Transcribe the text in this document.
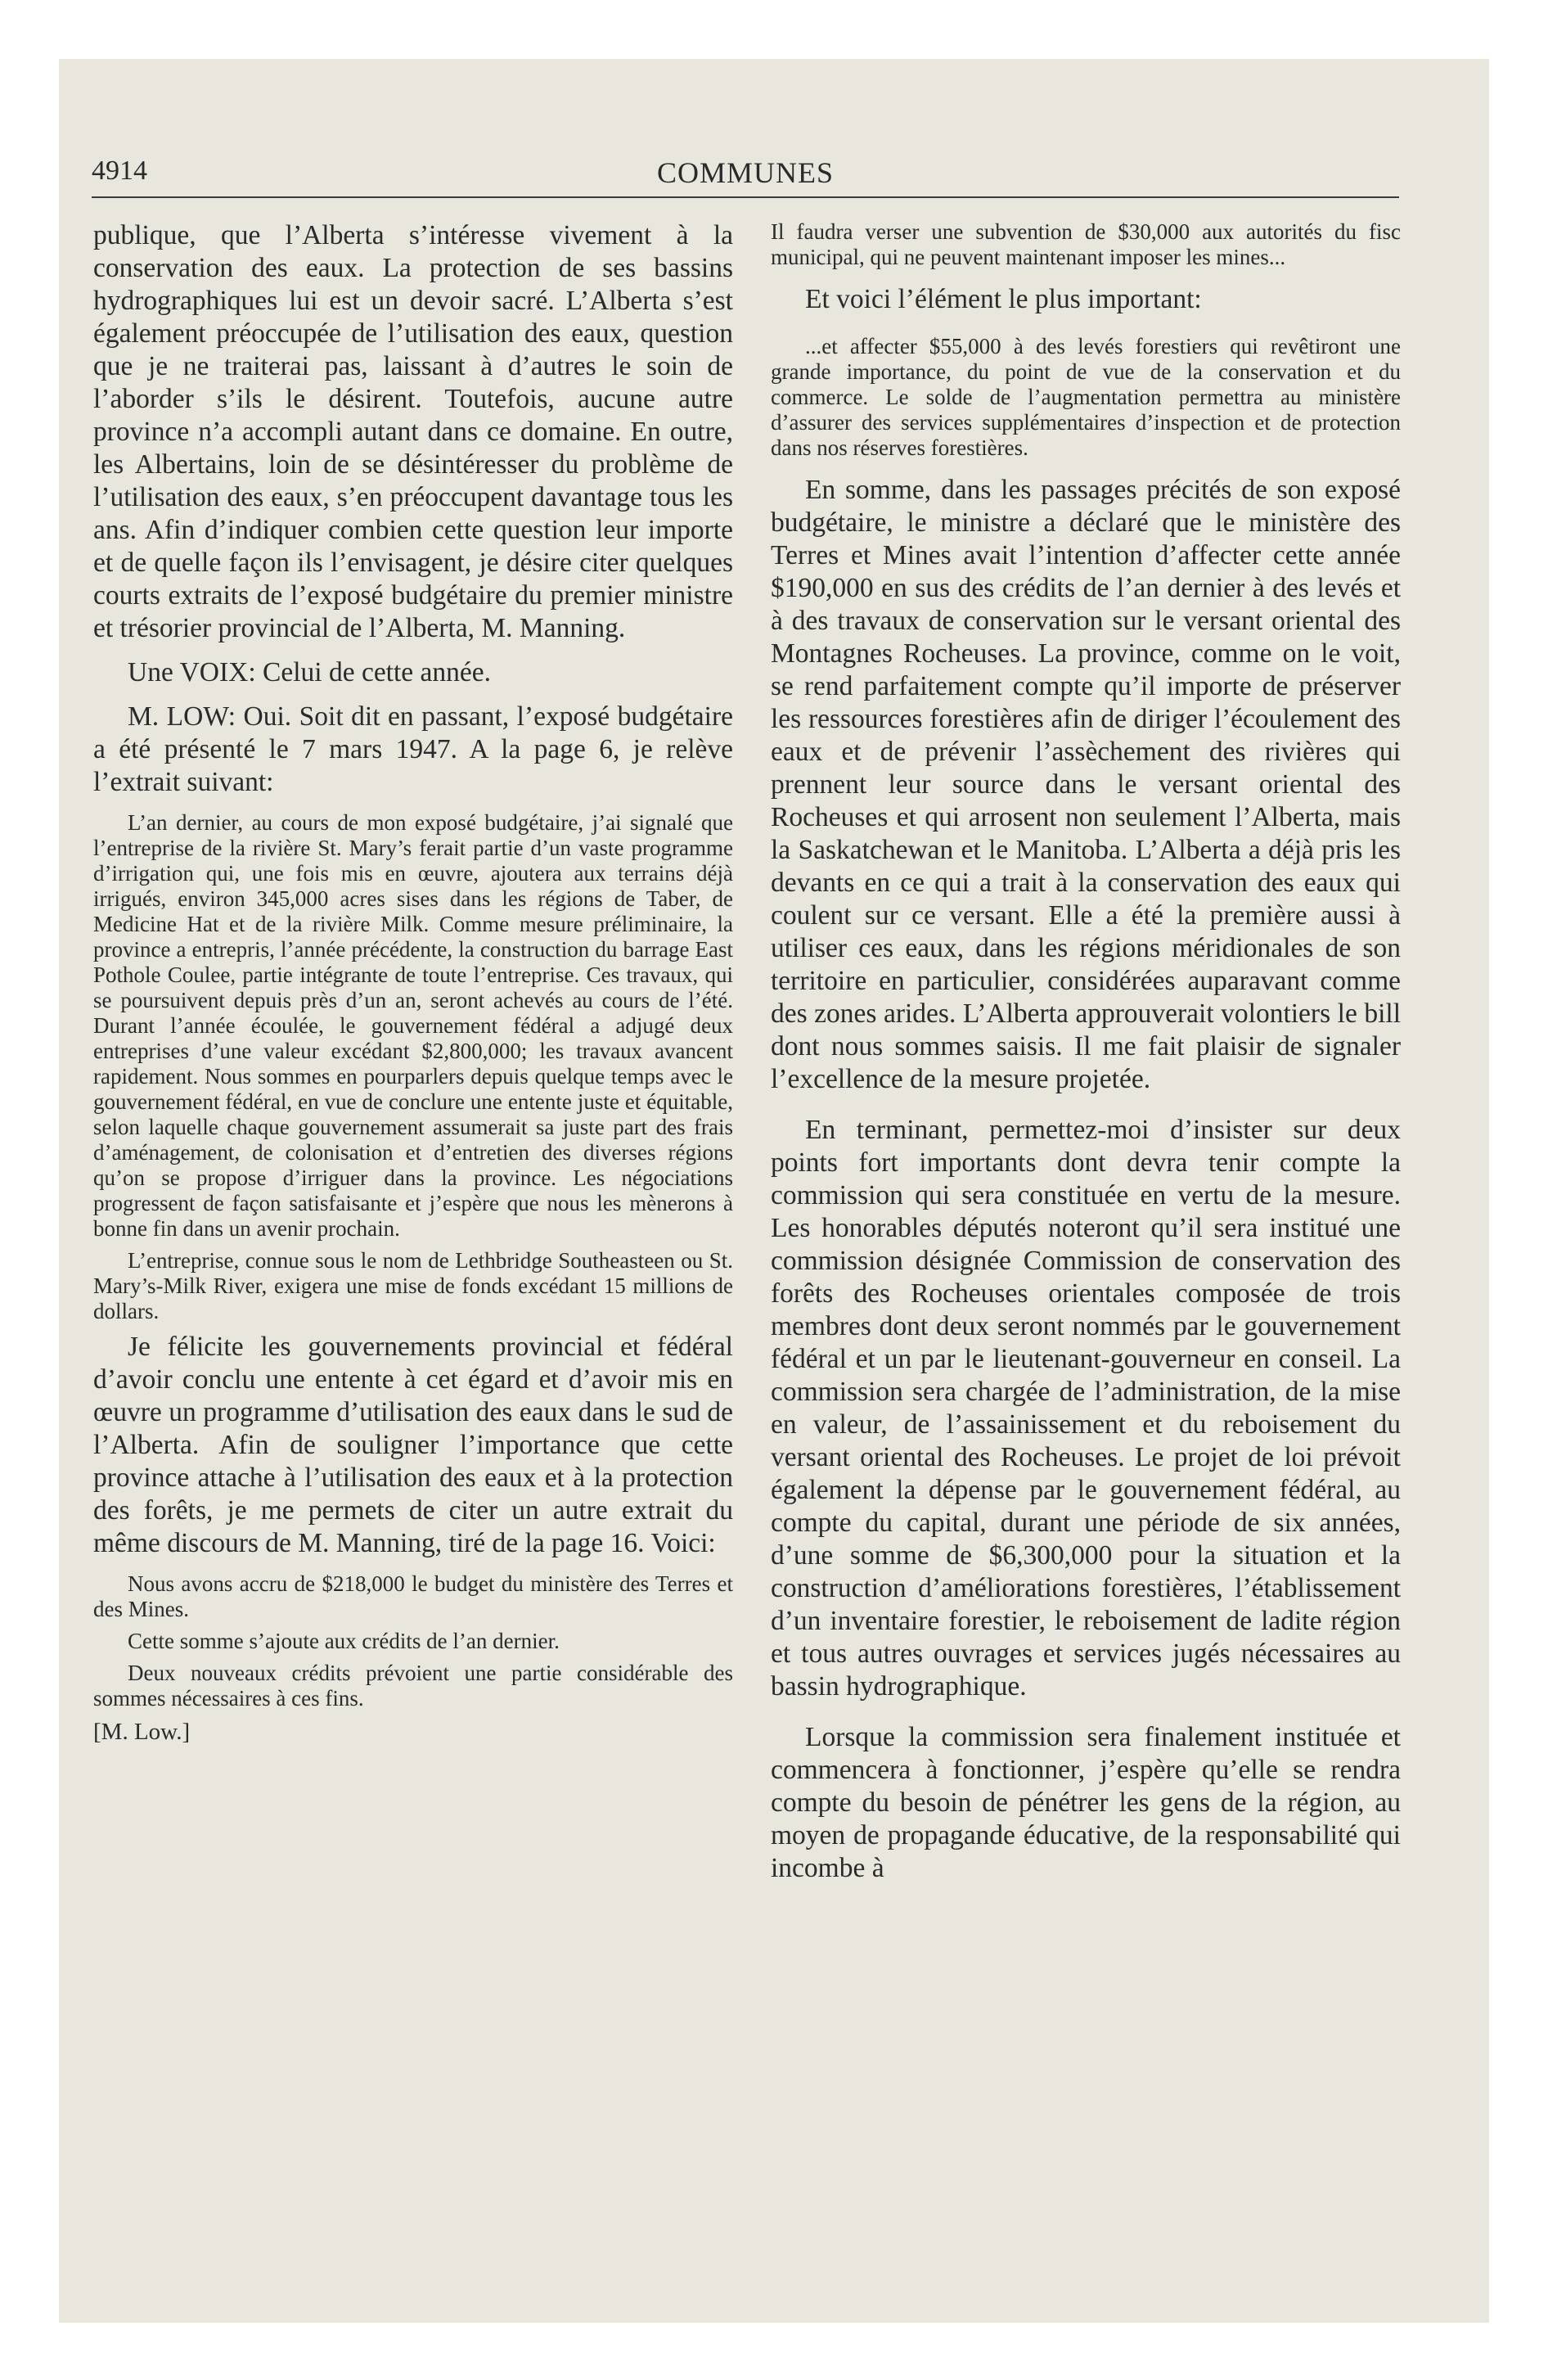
4914	COMMUNES

publique, que l’Alberta s’intéresse vivement à la conservation des eaux. La protection de ses bassins hydrographiques lui est un devoir sacré. L’Alberta s’est également préoccupée de l’utilisation des eaux, question que je ne traiterai pas, laissant à d’autres le soin de l’aborder s’ils le désirent. Toutefois, aucune autre province n’a accompli autant dans ce domaine. En outre, les Albertains, loin de se désintéresser du problème de l’utilisation des eaux, s’en préoccupent davantage tous les ans. Afin d’indiquer combien cette question leur importe et de quelle façon ils l’envisagent, je désire citer quelques courts extraits de l’exposé budgétaire du premier ministre et trésorier provincial de l’Alberta, M. Manning.

Une VOIX: Celui de cette année.

M. LOW: Oui. Soit dit en passant, l’exposé budgétaire a été présenté le 7 mars 1947. A la page 6, je relève l’extrait suivant:

L’an dernier, au cours de mon exposé budgétaire, j’ai signalé que l’entreprise de la rivière St. Mary’s ferait partie d’un vaste programme d’irrigation qui, une fois mis en œuvre, ajoutera aux terrains déjà irrigués, environ 345,000 acres sises dans les régions de Taber, de Medicine Hat et de la rivière Milk. Comme mesure préliminaire, la province a entrepris, l’année précédente, la construction du barrage East Pothole Coulee, partie intégrante de toute l’entreprise. Ces travaux, qui se poursuivent depuis près d’un an, seront achevés au cours de l’été. Durant l’année écoulée, le gouvernement fédéral a adjugé deux entreprises d’une valeur excédant $2,800,000; les travaux avancent rapidement. Nous sommes en pourparlers depuis quelque temps avec le gouvernement fédéral, en vue de conclure une entente juste et équitable, selon laquelle chaque gouvernement assumerait sa juste part des frais d’aménagement, de colonisation et d’entretien des diverses régions qu’on se propose d’irriguer dans la province. Les négociations progressent de façon satisfaisante et j’espère que nous les mènerons à bonne fin dans un avenir prochain.

L’entreprise, connue sous le nom de Lethbridge Southeasteen ou St. Mary’s-Milk River, exigera une mise de fonds excédant 15 millions de dollars.

Je félicite les gouvernements provincial et fédéral d’avoir conclu une entente à cet égard et d’avoir mis en œuvre un programme d’utilisation des eaux dans le sud de l’Alberta. Afin de souligner l’importance que cette province attache à l’utilisation des eaux et à la protection des forêts, je me permets de citer un autre extrait du même discours de M. Manning, tiré de la page 16. Voici:

Nous avons accru de $218,000 le budget du ministère des Terres et des Mines.

Cette somme s’ajoute aux crédits de l’an dernier.

Deux nouveaux crédits prévoient une partie considérable des sommes nécessaires à ces fins.

[M. Low.]

Il faudra verser une subvention de $30,000 aux autorités du fisc municipal, qui ne peuvent maintenant imposer les mines...

Et voici l’élément le plus important:

...et affecter $55,000 à des levés forestiers qui revêtiront une grande importance, du point de vue de la conservation et du commerce. Le solde de l’augmentation permettra au ministère d’assurer des services supplémentaires d’inspection et de protection dans nos réserves forestières.

En somme, dans les passages précités de son exposé budgétaire, le ministre a déclaré que le ministère des Terres et Mines avait l’intention d’affecter cette année $190,000 en sus des crédits de l’an dernier à des levés et à des travaux de conservation sur le versant oriental des Montagnes Rocheuses. La province, comme on le voit, se rend parfaitement compte qu’il importe de préserver les ressources forestières afin de diriger l’écoulement des eaux et de prévenir l’assèchement des rivières qui prennent leur source dans le versant oriental des Rocheuses et qui arrosent non seulement l’Alberta, mais la Saskatchewan et le Manitoba. L’Alberta a déjà pris les devants en ce qui a trait à la conservation des eaux qui coulent sur ce versant. Elle a été la première aussi à utiliser ces eaux, dans les régions méridionales de son territoire en particulier, considérées auparavant comme des zones arides. L’Alberta approuverait volontiers le bill dont nous sommes saisis. Il me fait plaisir de signaler l’excellence de la mesure projetée.

En terminant, permettez-moi d’insister sur deux points fort importants dont devra tenir compte la commission qui sera constituée en vertu de la mesure. Les honorables députés noteront qu’il sera institué une commission désignée Commission de conservation des forêts des Rocheuses orientales composée de trois membres dont deux seront nommés par le gouvernement fédéral et un par le lieutenant-gouverneur en conseil. La commission sera chargée de l’administration, de la mise en valeur, de l’assainissement et du reboisement du versant oriental des Rocheuses. Le projet de loi prévoit également la dépense par le gouvernement fédéral, au compte du capital, durant une période de six années, d’une somme de $6,300,000 pour la situation et la construction d’améliorations forestières, l’établissement d’un inventaire forestier, le reboisement de ladite région et tous autres ouvrages et services jugés nécessaires au bassin hydrographique.

Lorsque la commission sera finalement instituée et commencera à fonctionner, j’espère qu’elle se rendra compte du besoin de pénétrer les gens de la région, au moyen de propagande éducative, de la responsabilité qui incombe à
